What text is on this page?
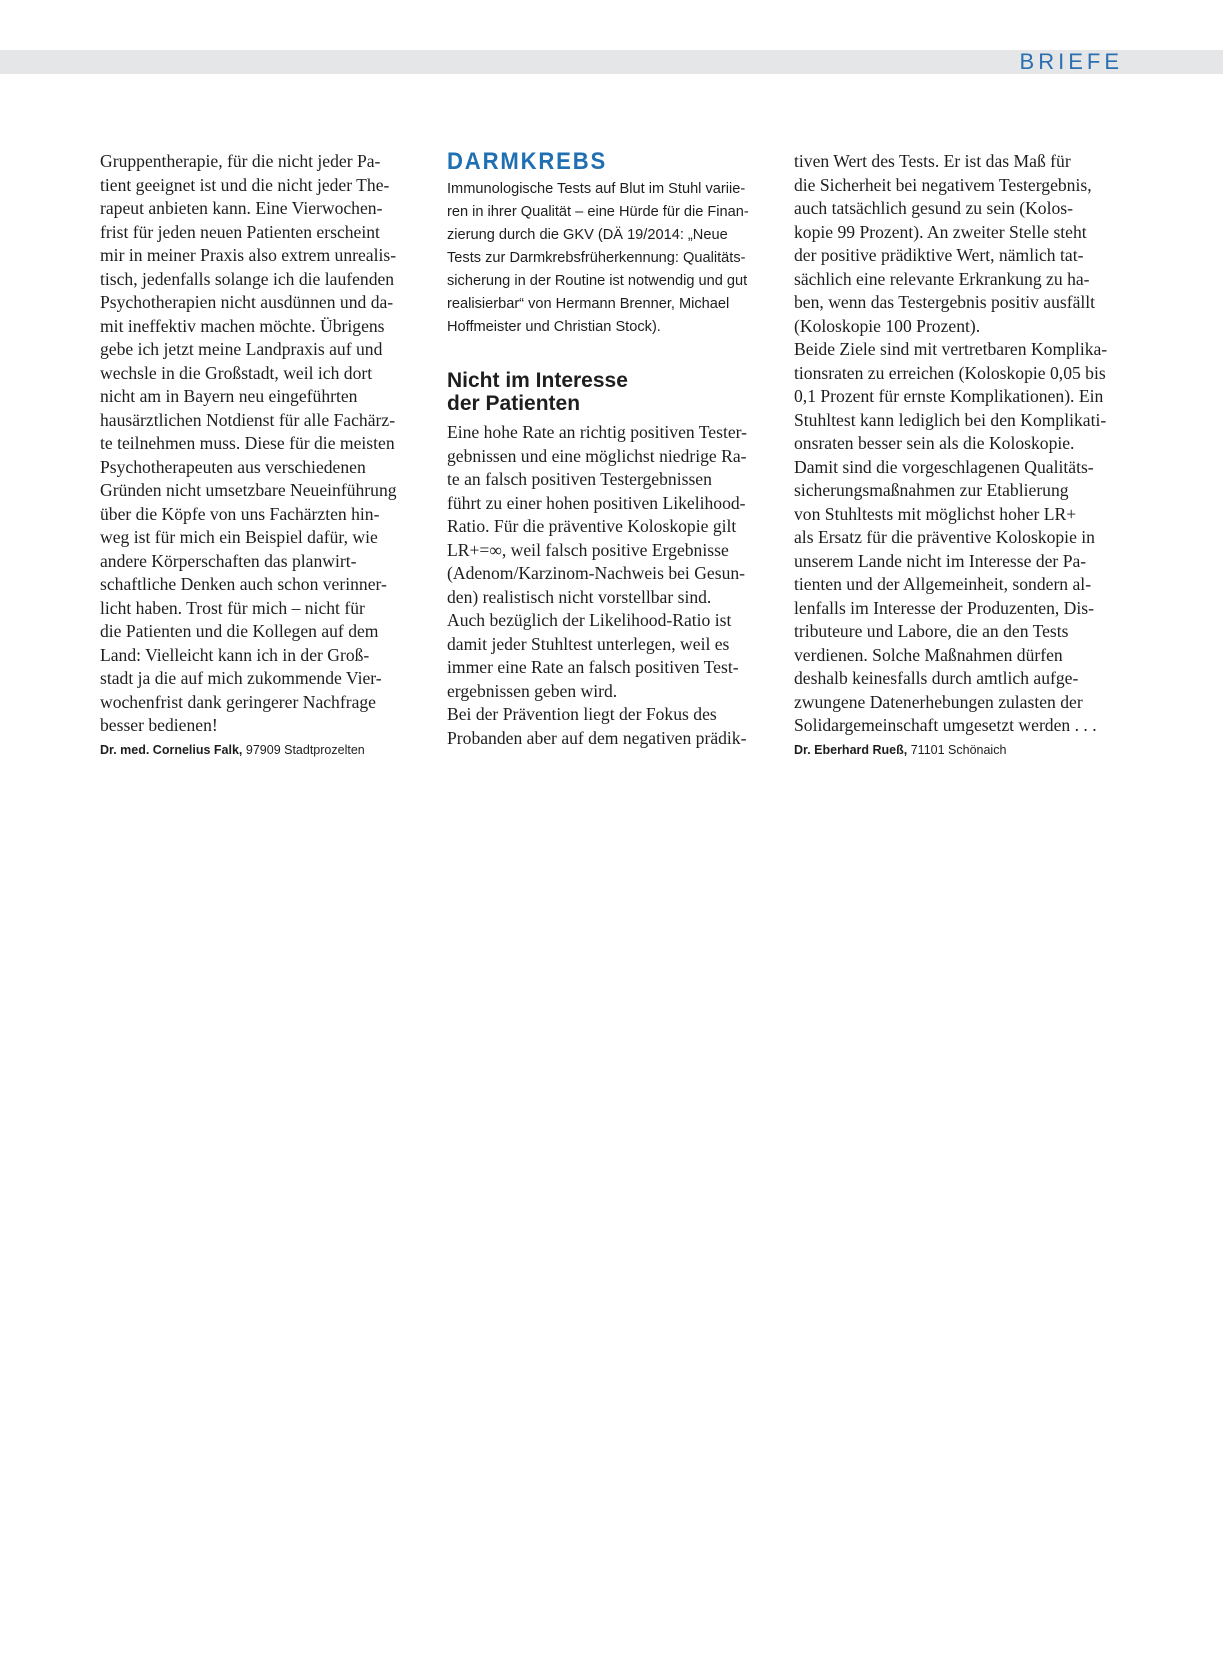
BRIEFE
Gruppentherapie, für die nicht jeder Pa-
tient geeignet ist und die nicht jeder The-
rapeut anbieten kann. Eine Vierwochen-
frist für jeden neuen Patienten erscheint
mir in meiner Praxis also extrem unrealis-
tisch, jedenfalls solange ich die laufenden
Psychotherapien nicht ausdünnen und da-
mit ineffektiv machen möchte. Übrigens
gebe ich jetzt meine Landpraxis auf und
wechsle in die Großstadt, weil ich dort
nicht am in Bayern neu eingeführten
hausärztlichen Notdienst für alle Fachärz-
te teilnehmen muss. Diese für die meisten
Psychotherapeuten aus verschiedenen
Gründen nicht umsetzbare Neueinführung
über die Köpfe von uns Fachärzten hin-
weg ist für mich ein Beispiel dafür, wie
andere Körperschaften das planwirt-
schaftliche Denken auch schon verinner-
licht haben. Trost für mich – nicht für
die Patienten und die Kollegen auf dem
Land: Vielleicht kann ich in der Groß-
stadt ja die auf mich zukommende Vier-
wochenfrist dank geringerer Nachfrage
besser bedienen!
Dr. med. Cornelius Falk, 97909 Stadtprozelten
DARMKREBS
Immunologische Tests auf Blut im Stuhl variie-
ren in ihrer Qualität – eine Hürde für die Finan-
zierung durch die GKV (DÄ 19/2014: „Neue
Tests zur Darmkrebsfrüherkennung: Qualitäts-
sicherung in der Routine ist notwendig und gut
realisierbar“ von Hermann Brenner, Michael
Hoffmeister und Christian Stock).
Nicht im Interesse
der Patienten
Eine hohe Rate an richtig positiven Tester-
gebnissen und eine möglichst niedrige Ra-
te an falsch positiven Testergebnissen
führt zu einer hohen positiven Likelihood-
Ratio. Für die präventive Koloskopie gilt
LR+=∞, weil falsch positive Ergebnisse
(Adenom/Karzinom-Nachweis bei Gesun-
den) realistisch nicht vorstellbar sind.
Auch bezüglich der Likelihood-Ratio ist
damit jeder Stuhltest unterlegen, weil es
immer eine Rate an falsch positiven Test-
ergebnissen geben wird.
Bei der Prävention liegt der Fokus des
Probanden aber auf dem negativen prädik-
tiven Wert des Tests. Er ist das Maß für
die Sicherheit bei negativem Testergebnis,
auch tatsächlich gesund zu sein (Kolos-
kopie 99 Prozent). An zweiter Stelle steht
der positive prädiktive Wert, nämlich tat-
sächlich eine relevante Erkrankung zu ha-
ben, wenn das Testergebnis positiv ausfällt
(Koloskopie 100 Prozent).
Beide Ziele sind mit vertretbaren Komplika-
tionsraten zu erreichen (Koloskopie 0,05 bis
0,1 Prozent für ernste Komplikationen). Ein
Stuhltest kann lediglich bei den Komplikati-
onsraten besser sein als die Koloskopie.
Damit sind die vorgeschlagenen Qualitäts-
sicherungsmaßnahmen zur Etablierung
von Stuhltests mit möglichst hoher LR+
als Ersatz für die präventive Koloskopie in
unserem Lande nicht im Interesse der Pa-
tienten und der Allgemeinheit, sondern al-
lenfalls im Interesse der Produzenten, Dis-
tributeure und Labore, die an den Tests
verdienen. Solche Maßnahmen dürfen
deshalb keinesfalls durch amtlich aufge-
zwungene Datenerhebungen zulasten der
Solidargemeinschaft umgesetzt werden . . .
Dr. Eberhard Rueß, 71101 Schönaich
